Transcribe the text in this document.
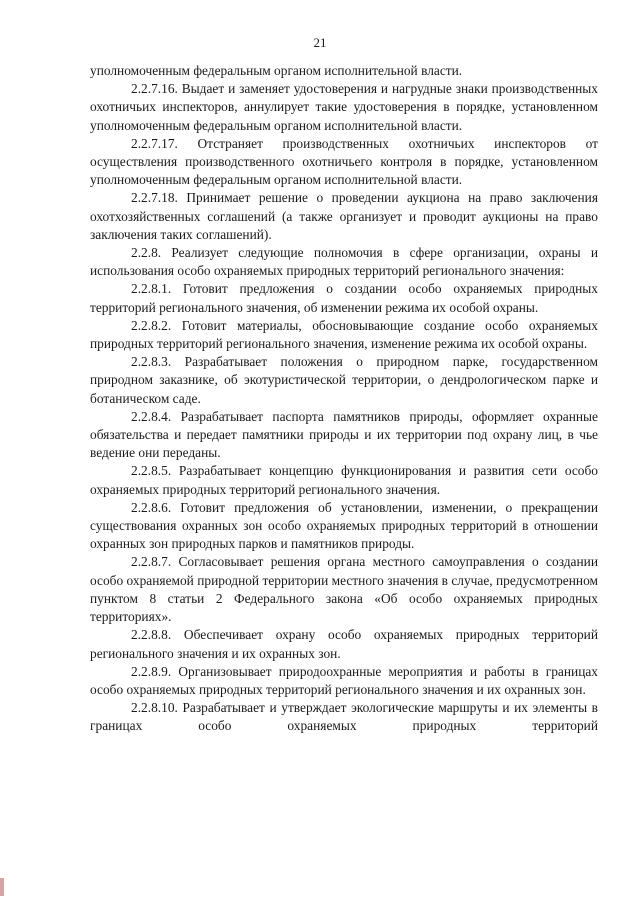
21

уполномоченным федеральным органом исполнительной власти.

2.2.7.16. Выдает и заменяет удостоверения и нагрудные знаки производственных охотничьих инспекторов, аннулирует такие удостоверения в порядке, установленном уполномоченным федеральным органом исполнительной власти.

2.2.7.17. Отстраняет производственных охотничьих инспекторов от осуществления производственного охотничьего контроля в порядке, установленном уполномоченным федеральным органом исполнительной власти.

2.2.7.18. Принимает решение о проведении аукциона на право заключения охотхозяйственных соглашений (а также организует и проводит аукционы на право заключения таких соглашений).

2.2.8. Реализует следующие полномочия в сфере организации, охраны и использования особо охраняемых природных территорий регионального значения:

2.2.8.1. Готовит предложения о создании особо охраняемых природных территорий регионального значения, об изменении режима их особой охраны.

2.2.8.2. Готовит материалы, обосновывающие создание особо охраняемых природных территорий регионального значения, изменение режима их особой охраны.

2.2.8.3. Разрабатывает положения о природном парке, государственном природном заказнике, об экотуристической территории, о дендрологическом парке и ботаническом саде.

2.2.8.4. Разрабатывает паспорта памятников природы, оформляет охранные обязательства и передает памятники природы и их территории под охрану лиц, в чье ведение они переданы.

2.2.8.5. Разрабатывает концепцию функционирования и развития сети особо охраняемых природных территорий регионального значения.

2.2.8.6. Готовит предложения об установлении, изменении, о прекращении существования охранных зон особо охраняемых природных территорий в отношении охранных зон природных парков и памятников природы.

2.2.8.7. Согласовывает решения органа местного самоуправления о создании особо охраняемой природной территории местного значения в случае, предусмотренном пунктом 8 статьи 2 Федерального закона «Об особо охраняемых природных территориях».

2.2.8.8. Обеспечивает охрану особо охраняемых природных территорий регионального значения и их охранных зон.

2.2.8.9. Организовывает природоохранные мероприятия и работы в границах особо охраняемых природных территорий регионального значения и их охранных зон.

2.2.8.10. Разрабатывает и утверждает экологические маршруты и их элементы в границах особо охраняемых природных территорий
